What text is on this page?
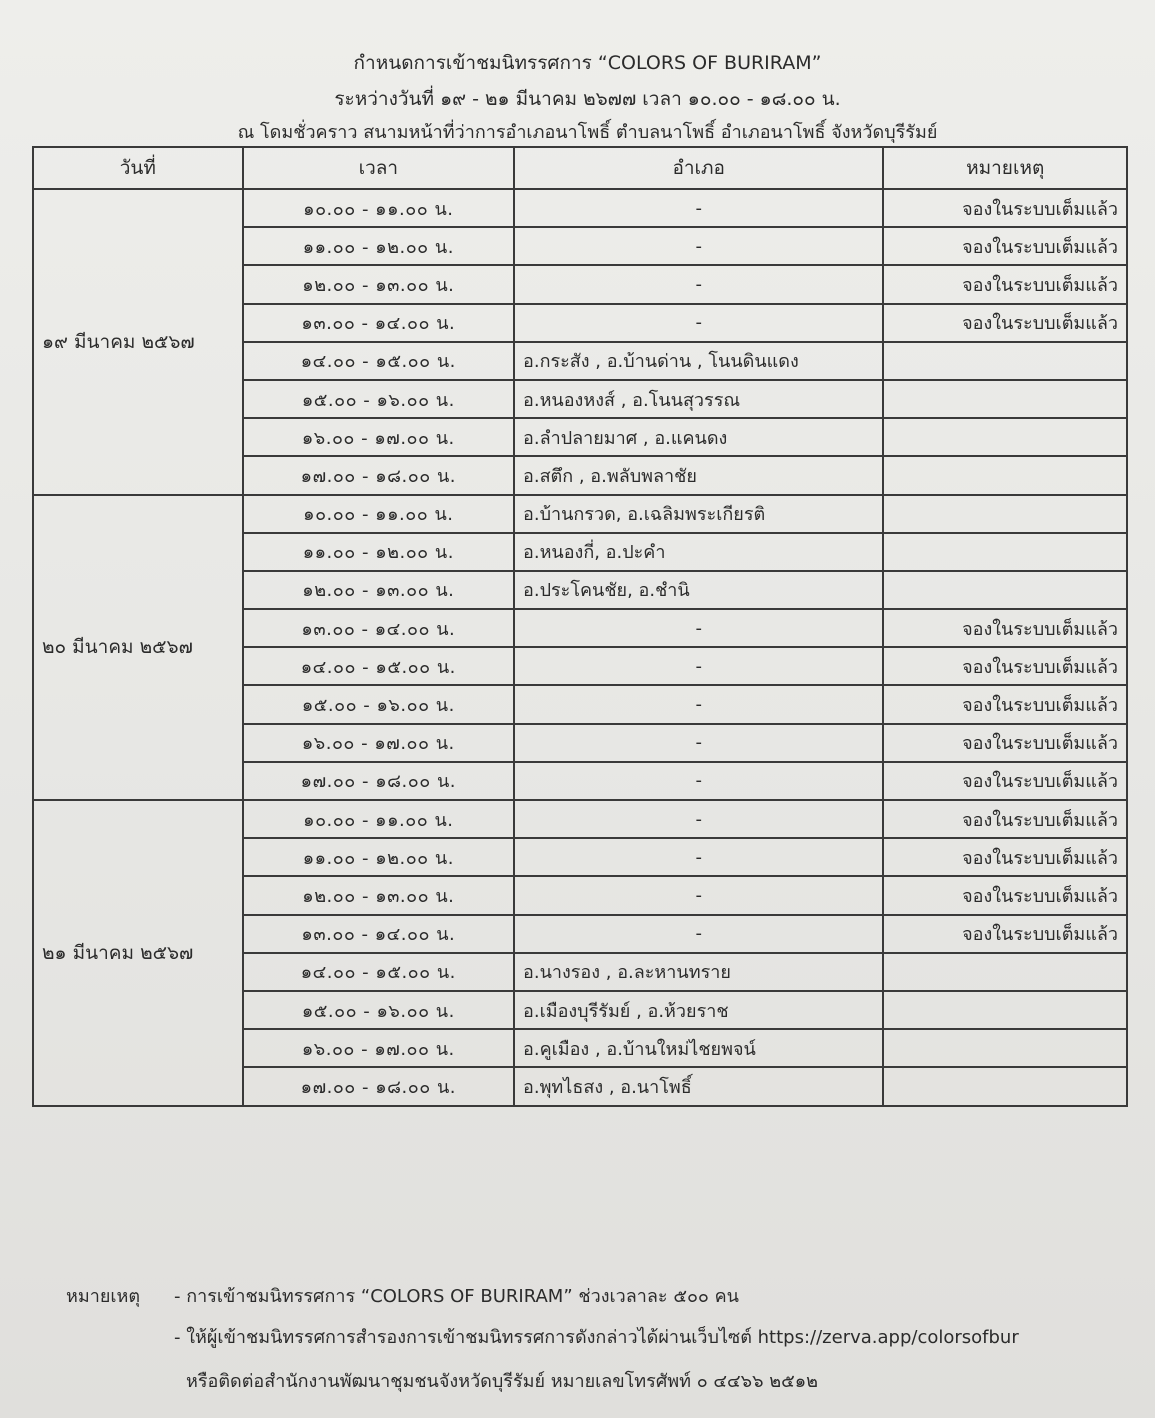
กำหนดการเข้าชมนิทรรศการ “COLORS OF BURIRAM”
ระหว่างวันที่ ๑๙ - ๒๑ มีนาคม ๒๖๗๗ เวลา ๑๐.๐๐ - ๑๘.๐๐ น.
ณ โดมชั่วคราว สนามหน้าที่ว่าการอำเภอนาโพธิ์ ตำบลนาโพธิ์ อำเภอนาโพธิ์ จังหวัดบุรีรัมย์
วันที่	เวลา	อำเภอ	หมายเหตุ
๑๙ มีนาคม ๒๕๖๗	๑๐.๐๐ - ๑๑.๐๐ น.	-	จองในระบบเต็มแล้ว
	๑๑.๐๐ - ๑๒.๐๐ น.	-	จองในระบบเต็มแล้ว
	๑๒.๐๐ - ๑๓.๐๐ น.	-	จองในระบบเต็มแล้ว
	๑๓.๐๐ - ๑๔.๐๐ น.	-	จองในระบบเต็มแล้ว
	๑๔.๐๐ - ๑๕.๐๐ น.	อ.กระสัง , อ.บ้านด่าน , โนนดินแดง	
	๑๕.๐๐ - ๑๖.๐๐ น.	อ.หนองหงส์ , อ.โนนสุวรรณ	
	๑๖.๐๐ - ๑๗.๐๐ น.	อ.ลำปลายมาศ , อ.แคนดง	
	๑๗.๐๐ - ๑๘.๐๐ น.	อ.สตึก , อ.พลับพลาชัย	
๒๐ มีนาคม ๒๕๖๗	๑๐.๐๐ - ๑๑.๐๐ น.	อ.บ้านกรวด, อ.เฉลิมพระเกียรติ	
	๑๑.๐๐ - ๑๒.๐๐ น.	อ.หนองกี่, อ.ปะคำ	
	๑๒.๐๐ - ๑๓.๐๐ น.	อ.ประโคนชัย, อ.ชำนิ	
	๑๓.๐๐ - ๑๔.๐๐ น.	-	จองในระบบเต็มแล้ว
	๑๔.๐๐ - ๑๕.๐๐ น.	-	จองในระบบเต็มแล้ว
	๑๕.๐๐ - ๑๖.๐๐ น.	-	จองในระบบเต็มแล้ว
	๑๖.๐๐ - ๑๗.๐๐ น.	-	จองในระบบเต็มแล้ว
	๑๗.๐๐ - ๑๘.๐๐ น.	-	จองในระบบเต็มแล้ว
๒๑ มีนาคม ๒๕๖๗	๑๐.๐๐ - ๑๑.๐๐ น.	-	จองในระบบเต็มแล้ว
	๑๑.๐๐ - ๑๒.๐๐ น.	-	จองในระบบเต็มแล้ว
	๑๒.๐๐ - ๑๓.๐๐ น.	-	จองในระบบเต็มแล้ว
	๑๓.๐๐ - ๑๔.๐๐ น.	-	จองในระบบเต็มแล้ว
	๑๔.๐๐ - ๑๕.๐๐ น.	อ.นางรอง , อ.ละหานทราย	
	๑๕.๐๐ - ๑๖.๐๐ น.	อ.เมืองบุรีรัมย์ , อ.ห้วยราช	
	๑๖.๐๐ - ๑๗.๐๐ น.	อ.คูเมือง , อ.บ้านใหม่ไชยพจน์	
	๑๗.๐๐ - ๑๘.๐๐ น.	อ.พุทไธสง , อ.นาโพธิ์	
หมายเหตุ - การเข้าชมนิทรรศการ “COLORS OF BURIRAM” ช่วงเวลาละ ๕๐๐ คน
- ให้ผู้เข้าชมนิทรรศการสำรองการเข้าชมนิทรรศการดังกล่าวได้ผ่านเว็บไซต์ https://zerva.app/colorsofbur
หรือติดต่อสำนักงานพัฒนาชุมชนจังหวัดบุรีรัมย์ หมายเลขโทรศัพท์ ๐ ๔๔๖๖ ๒๕๑๒
